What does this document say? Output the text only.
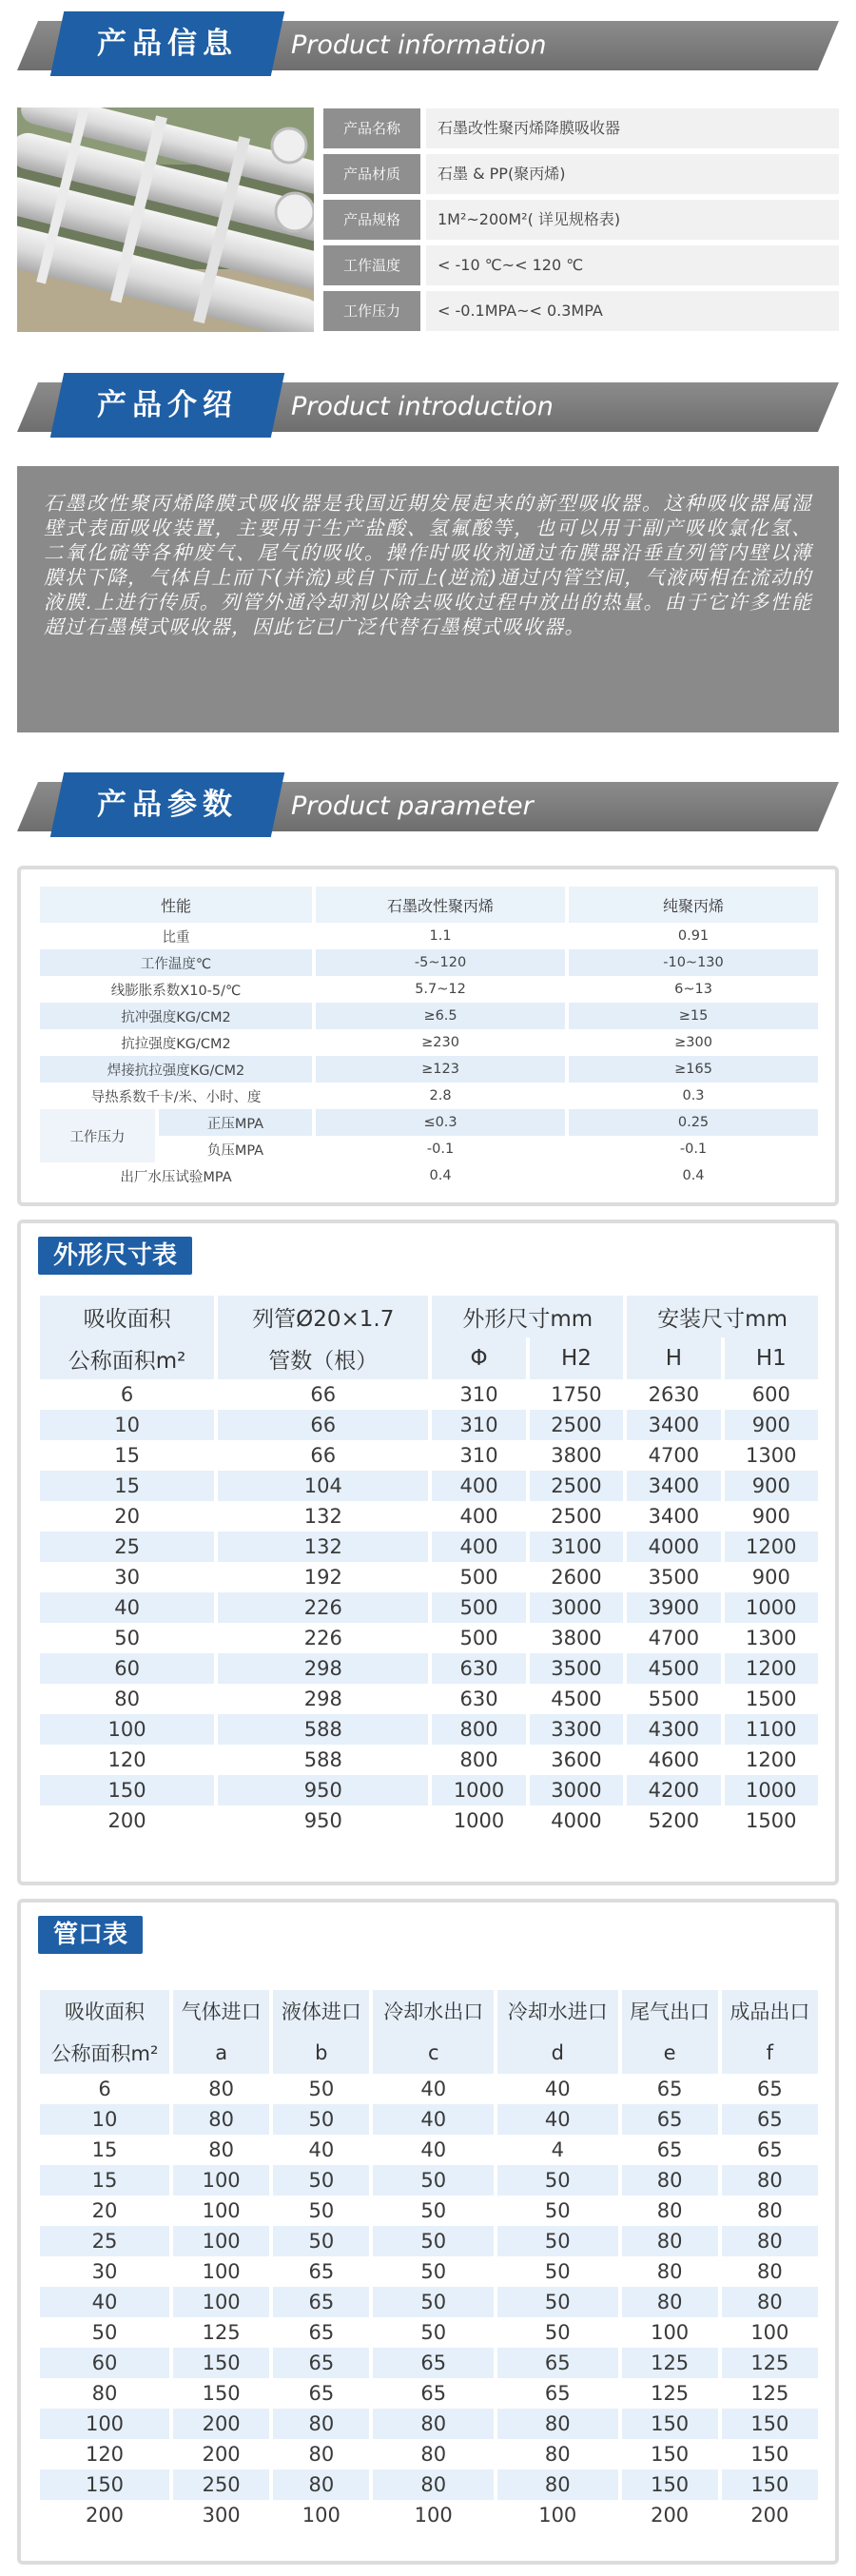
产品信息	Product information
产品名称	石墨改性聚丙烯降膜吸收器
产品材质	石墨 & PP(聚丙烯)
产品规格	1M²~200M²( 详见规格表)
工作温度	< -10 ℃~< 120 ℃
工作压力	< -0.1MPA~< 0.3MPA
产品介绍	Product introduction
石墨改性聚丙烯降膜式吸收器是我国近期发展起来的新型吸收器。这种吸收器属湿壁式表面吸收装置，主要用于生产盐酸、氢氟酸等，也可以用于副产吸收氯化氢、二氧化硫等各种废气、尾气的吸收。操作时吸收剂通过布膜器沿垂直列管内壁以薄膜状下降，气体自上而下(并流)或自下而上(逆流)通过内管空间，气液两相在流动的液膜.上进行传质。列管外通冷却剂以除去吸收过程中放出的热量。由于它许多性能超过石墨模式吸收器，因此它已广泛代替石墨模式吸收器。
产品参数	Product parameter
性能		石墨改性聚丙烯	纯聚丙烯
比重		1.1	0.91
工作温度℃		-5~120	-10~130
线膨胀系数X10-5/℃		5.7~12	6~13
抗冲强度KG/CM2		≥6.5	≥15
抗拉强度KG/CM2		≥230	≥300
焊接抗拉强度KG/CM2		≥123	≥165
导热系数千卡/米、小时、度		2.8	0.3
工作压力	正压MPA	≤0.3	0.25
	负压MPA	-0.1	-0.1
出厂水压试验MPA		0.4	0.4
外形尺寸表
吸收面积	列管Ø20×1.7	外形尺寸mm		安装尺寸mm	
公称面积m²	管数（根）	Φ	H2	H	H1
6	66	310	1750	2630	600
10	66	310	2500	3400	900
15	66	310	3800	4700	1300
15	104	400	2500	3400	900
20	132	400	2500	3400	900
25	132	400	3100	4000	1200
30	192	500	2600	3500	900
40	226	500	3000	3900	1000
50	226	500	3800	4700	1300
60	298	630	3500	4500	1200
80	298	630	4500	5500	1500
100	588	800	3300	4300	1100
120	588	800	3600	4600	1200
150	950	1000	3000	4200	1000
200	950	1000	4000	5200	1500
管口表
吸收面积	气体进口	液体进口	冷却水出口	冷却水进口	尾气出口	成品出口
公称面积m²	a	b	c	d	e	f
6	80	50	40	40	65	65
10	80	50	40	40	65	65
15	80	40	40	4	65	65
15	100	50	50	50	80	80
20	100	50	50	50	80	80
25	100	50	50	50	80	80
30	100	65	50	50	80	80
40	100	65	50	50	80	80
50	125	65	50	50	100	100
60	150	65	65	65	125	125
80	150	65	65	65	125	125
100	200	80	80	80	150	150
120	200	80	80	80	150	150
150	250	80	80	80	150	150
200	300	100	100	100	200	200
